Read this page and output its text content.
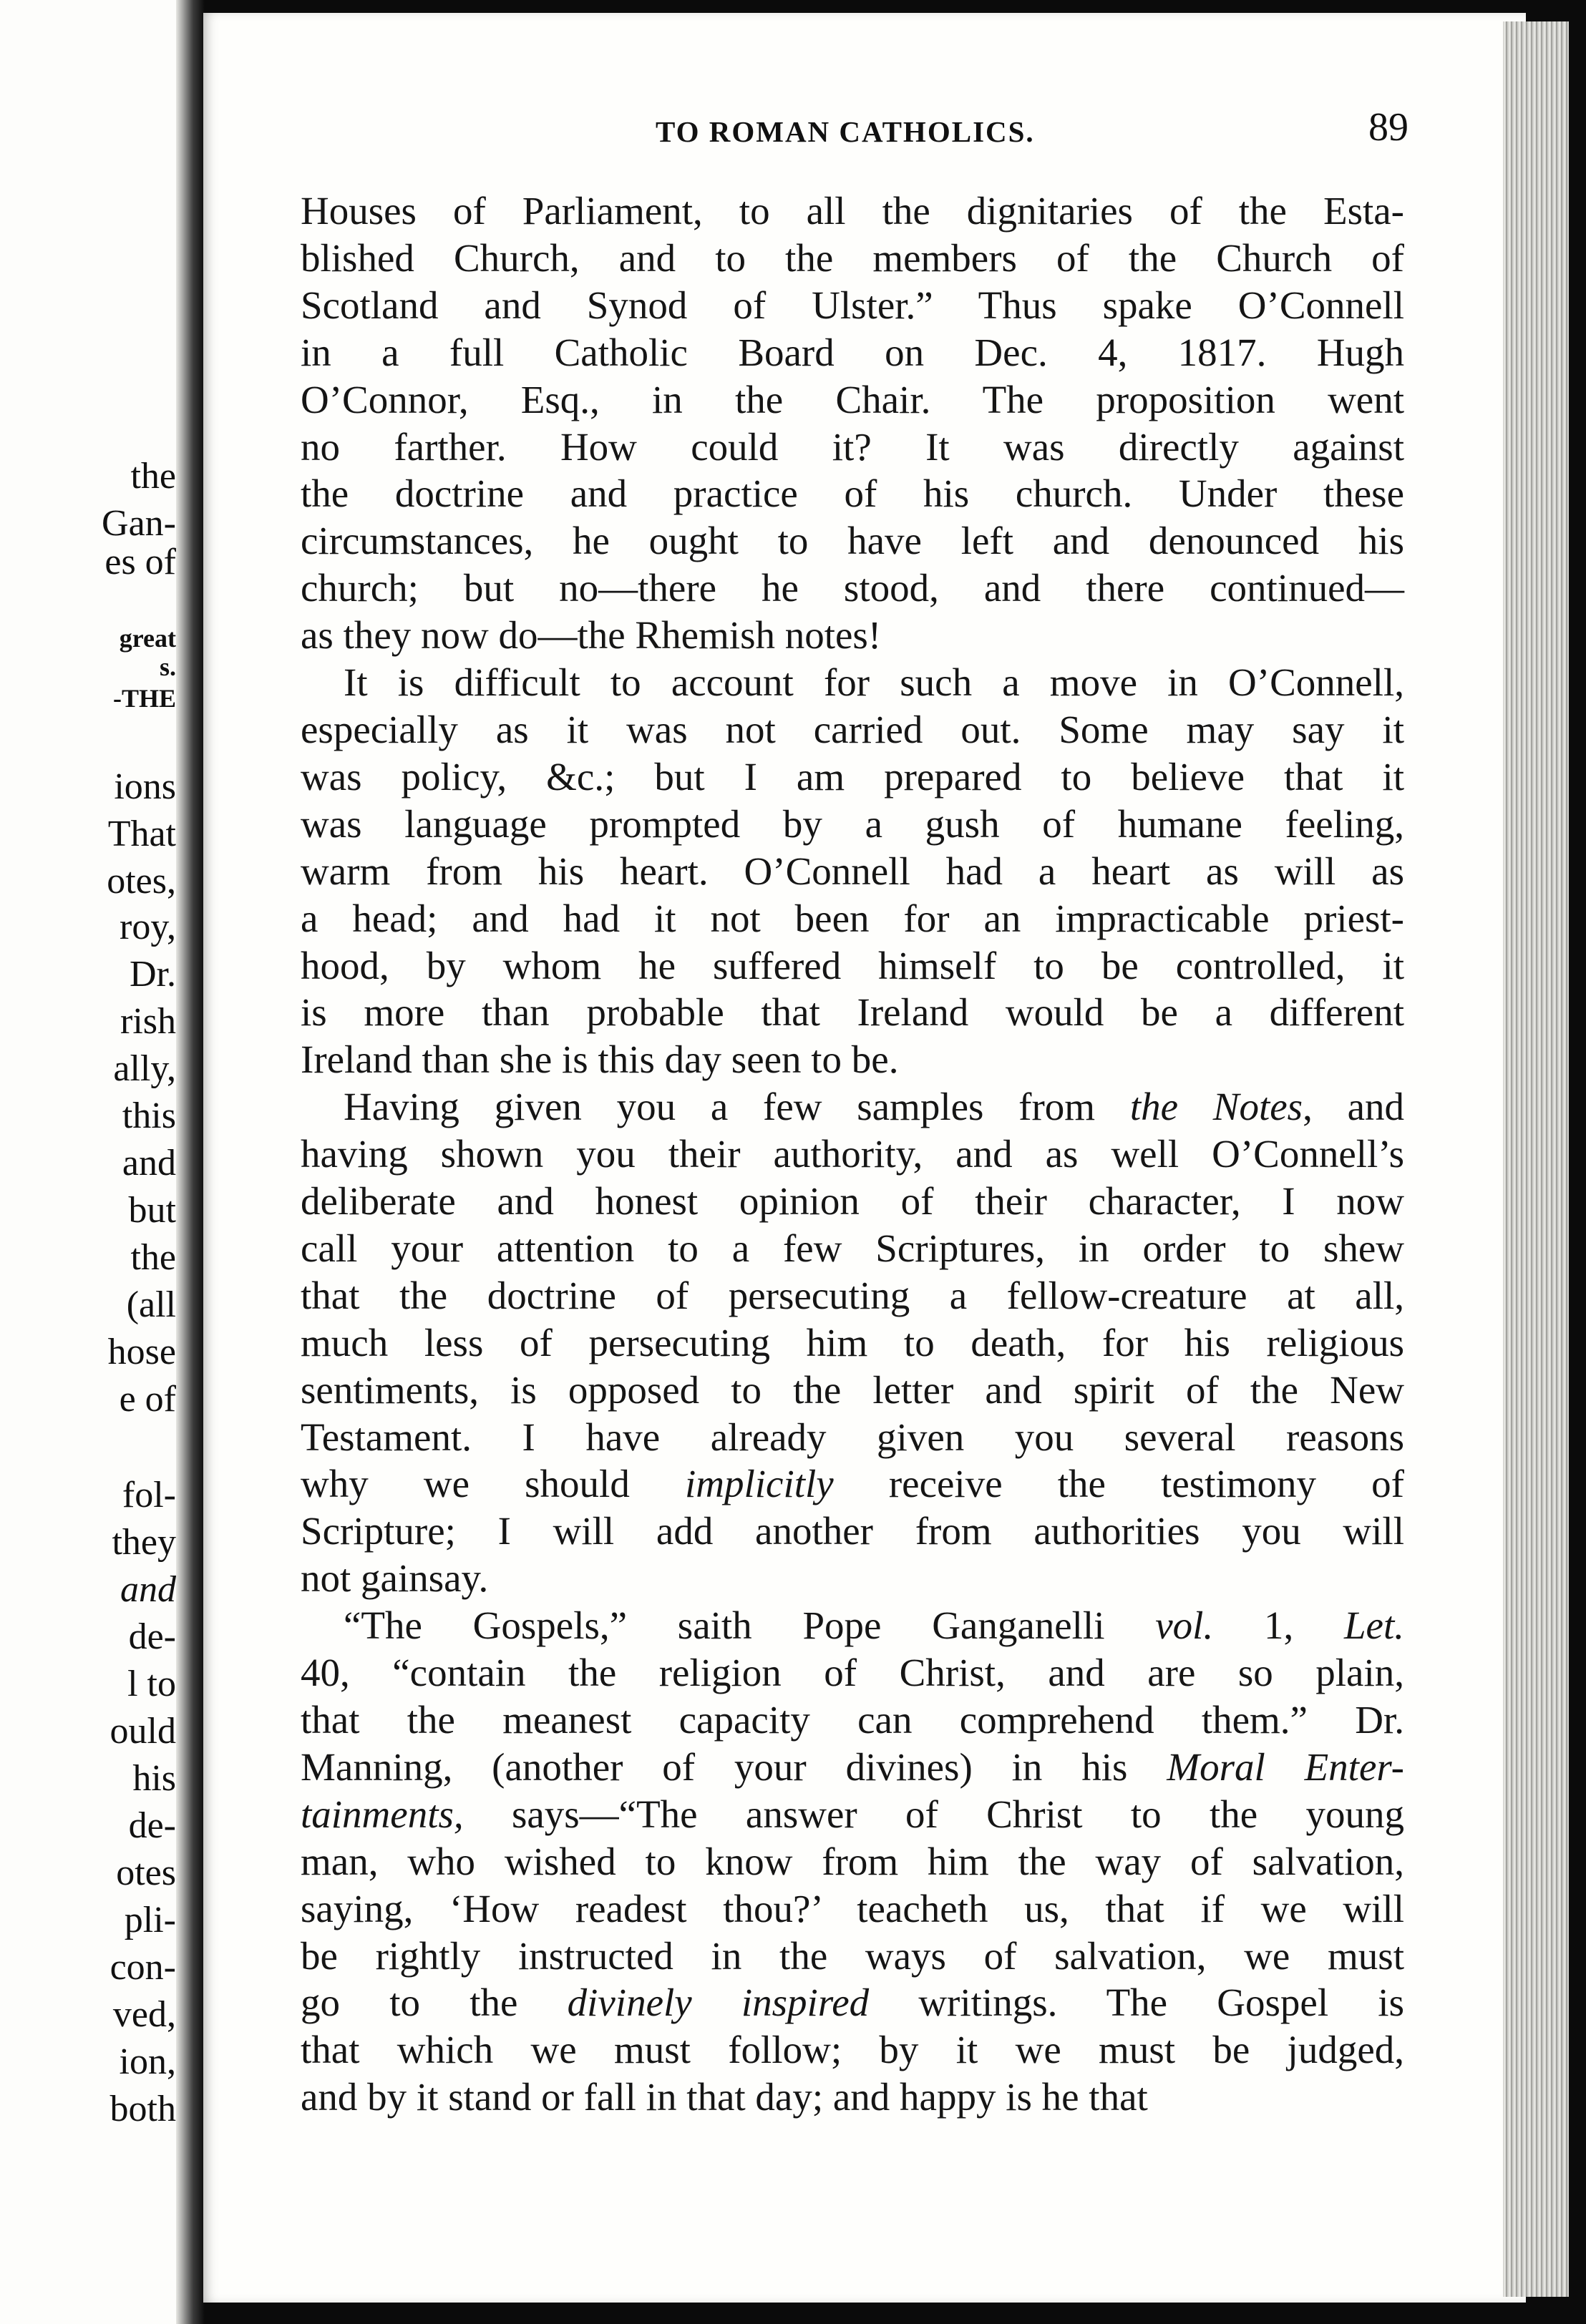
the
Gan-
es of
great
s.
-THE
ions
That
otes,
roy,
Dr.
rish
ally,
this
and
but
the
(all
hose
e of
fol-
they
and
de-
l to
ould
his
de-
otes
pli-
con-
ved,
ion,
both
TO ROMAN CATHOLICS.	89
Houses of Parliament, to all the dignitaries of the Esta-
blished Church, and to the members of the Church of
Scotland and Synod of Ulster.” Thus spake O’Connell
in a full Catholic Board on Dec. 4, 1817. Hugh
O’Connor, Esq., in the Chair. The proposition went
no farther. How could it? It was directly against
the doctrine and practice of his church. Under these
circumstances, he ought to have left and denounced his
church; but no—there he stood, and there continued—
as they now do—the Rhemish notes!
It is difficult to account for such a move in O’Connell,
especially as it was not carried out. Some may say it
was policy, &c.; but I am prepared to believe that it
was language prompted by a gush of humane feeling,
warm from his heart. O’Connell had a heart as will as
a head; and had it not been for an impracticable priest-
hood, by whom he suffered himself to be controlled, it
is more than probable that Ireland would be a different
Ireland than she is this day seen to be.
Having given you a few samples from the Notes, and
having shown you their authority, and as well O’Connell’s
deliberate and honest opinion of their character, I now
call your attention to a few Scriptures, in order to shew
that the doctrine of persecuting a fellow-creature at all,
much less of persecuting him to death, for his religious
sentiments, is opposed to the letter and spirit of the New
Testament. I have already given you several reasons
why we should implicitly receive the testimony of
Scripture; I will add another from authorities you will
not gainsay.
“The Gospels,” saith Pope Ganganelli vol. 1, Let.
40, “contain the religion of Christ, and are so plain,
that the meanest capacity can comprehend them.” Dr.
Manning, (another of your divines) in his Moral Enter-
tainments, says—“The answer of Christ to the young
man, who wished to know from him the way of salvation,
saying, ‘How readest thou?’ teacheth us, that if we will
be rightly instructed in the ways of salvation, we must
go to the divinely inspired writings. The Gospel is
that which we must follow; by it we must be judged,
and by it stand or fall in that day; and happy is he that
